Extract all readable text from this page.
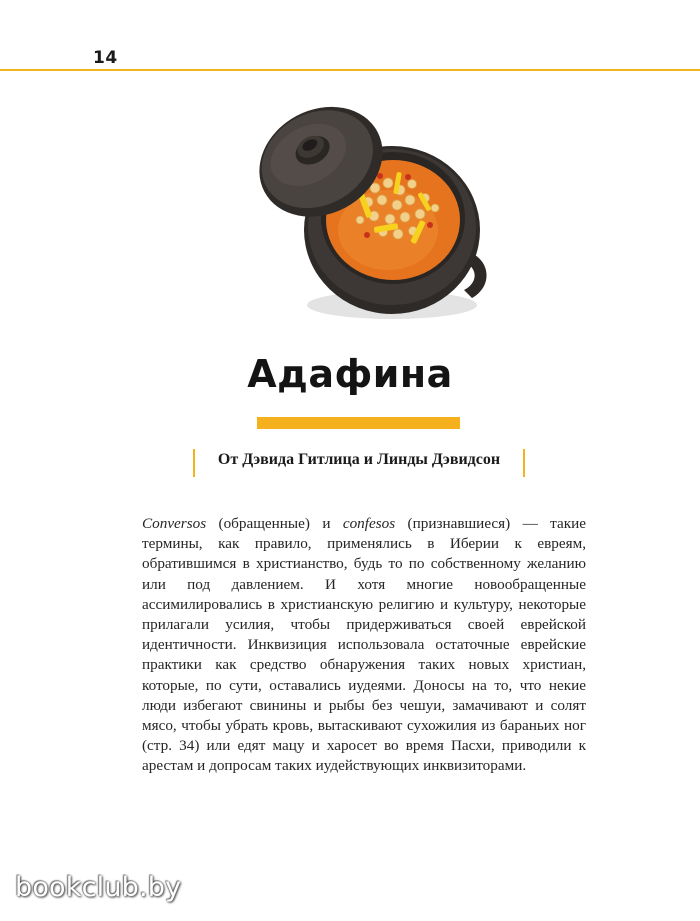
14
Адафина
От Дэвида Гитлица и Линды Дэвидсон

Conversos (обращенные) и confesos (признавшиеся) — такие термины, как правило, применялись в Иберии к евреям, обратившимся в христианство, будь то по собственному желанию или под давлением. И хотя многие новообращенные ассимилировались в христианскую религию и культуру, некоторые прилагали усилия, чтобы придерживаться своей еврейской идентичности. Инквизиция использовала остаточные еврейские практики как средство обнаружения таких новых христиан, которые, по сути, оставались иудеями. Доносы на то, что некие люди избегают свинины и рыбы без чешуи, замачивают и солят мясо, чтобы убрать кровь, вытаскивают сухожилия из бараньих ног (стр. 34) или едят мацу и харосет во время Пасхи, приводили к арестам и допросам таких иудействующих инквизиторами.

bookclub.by
